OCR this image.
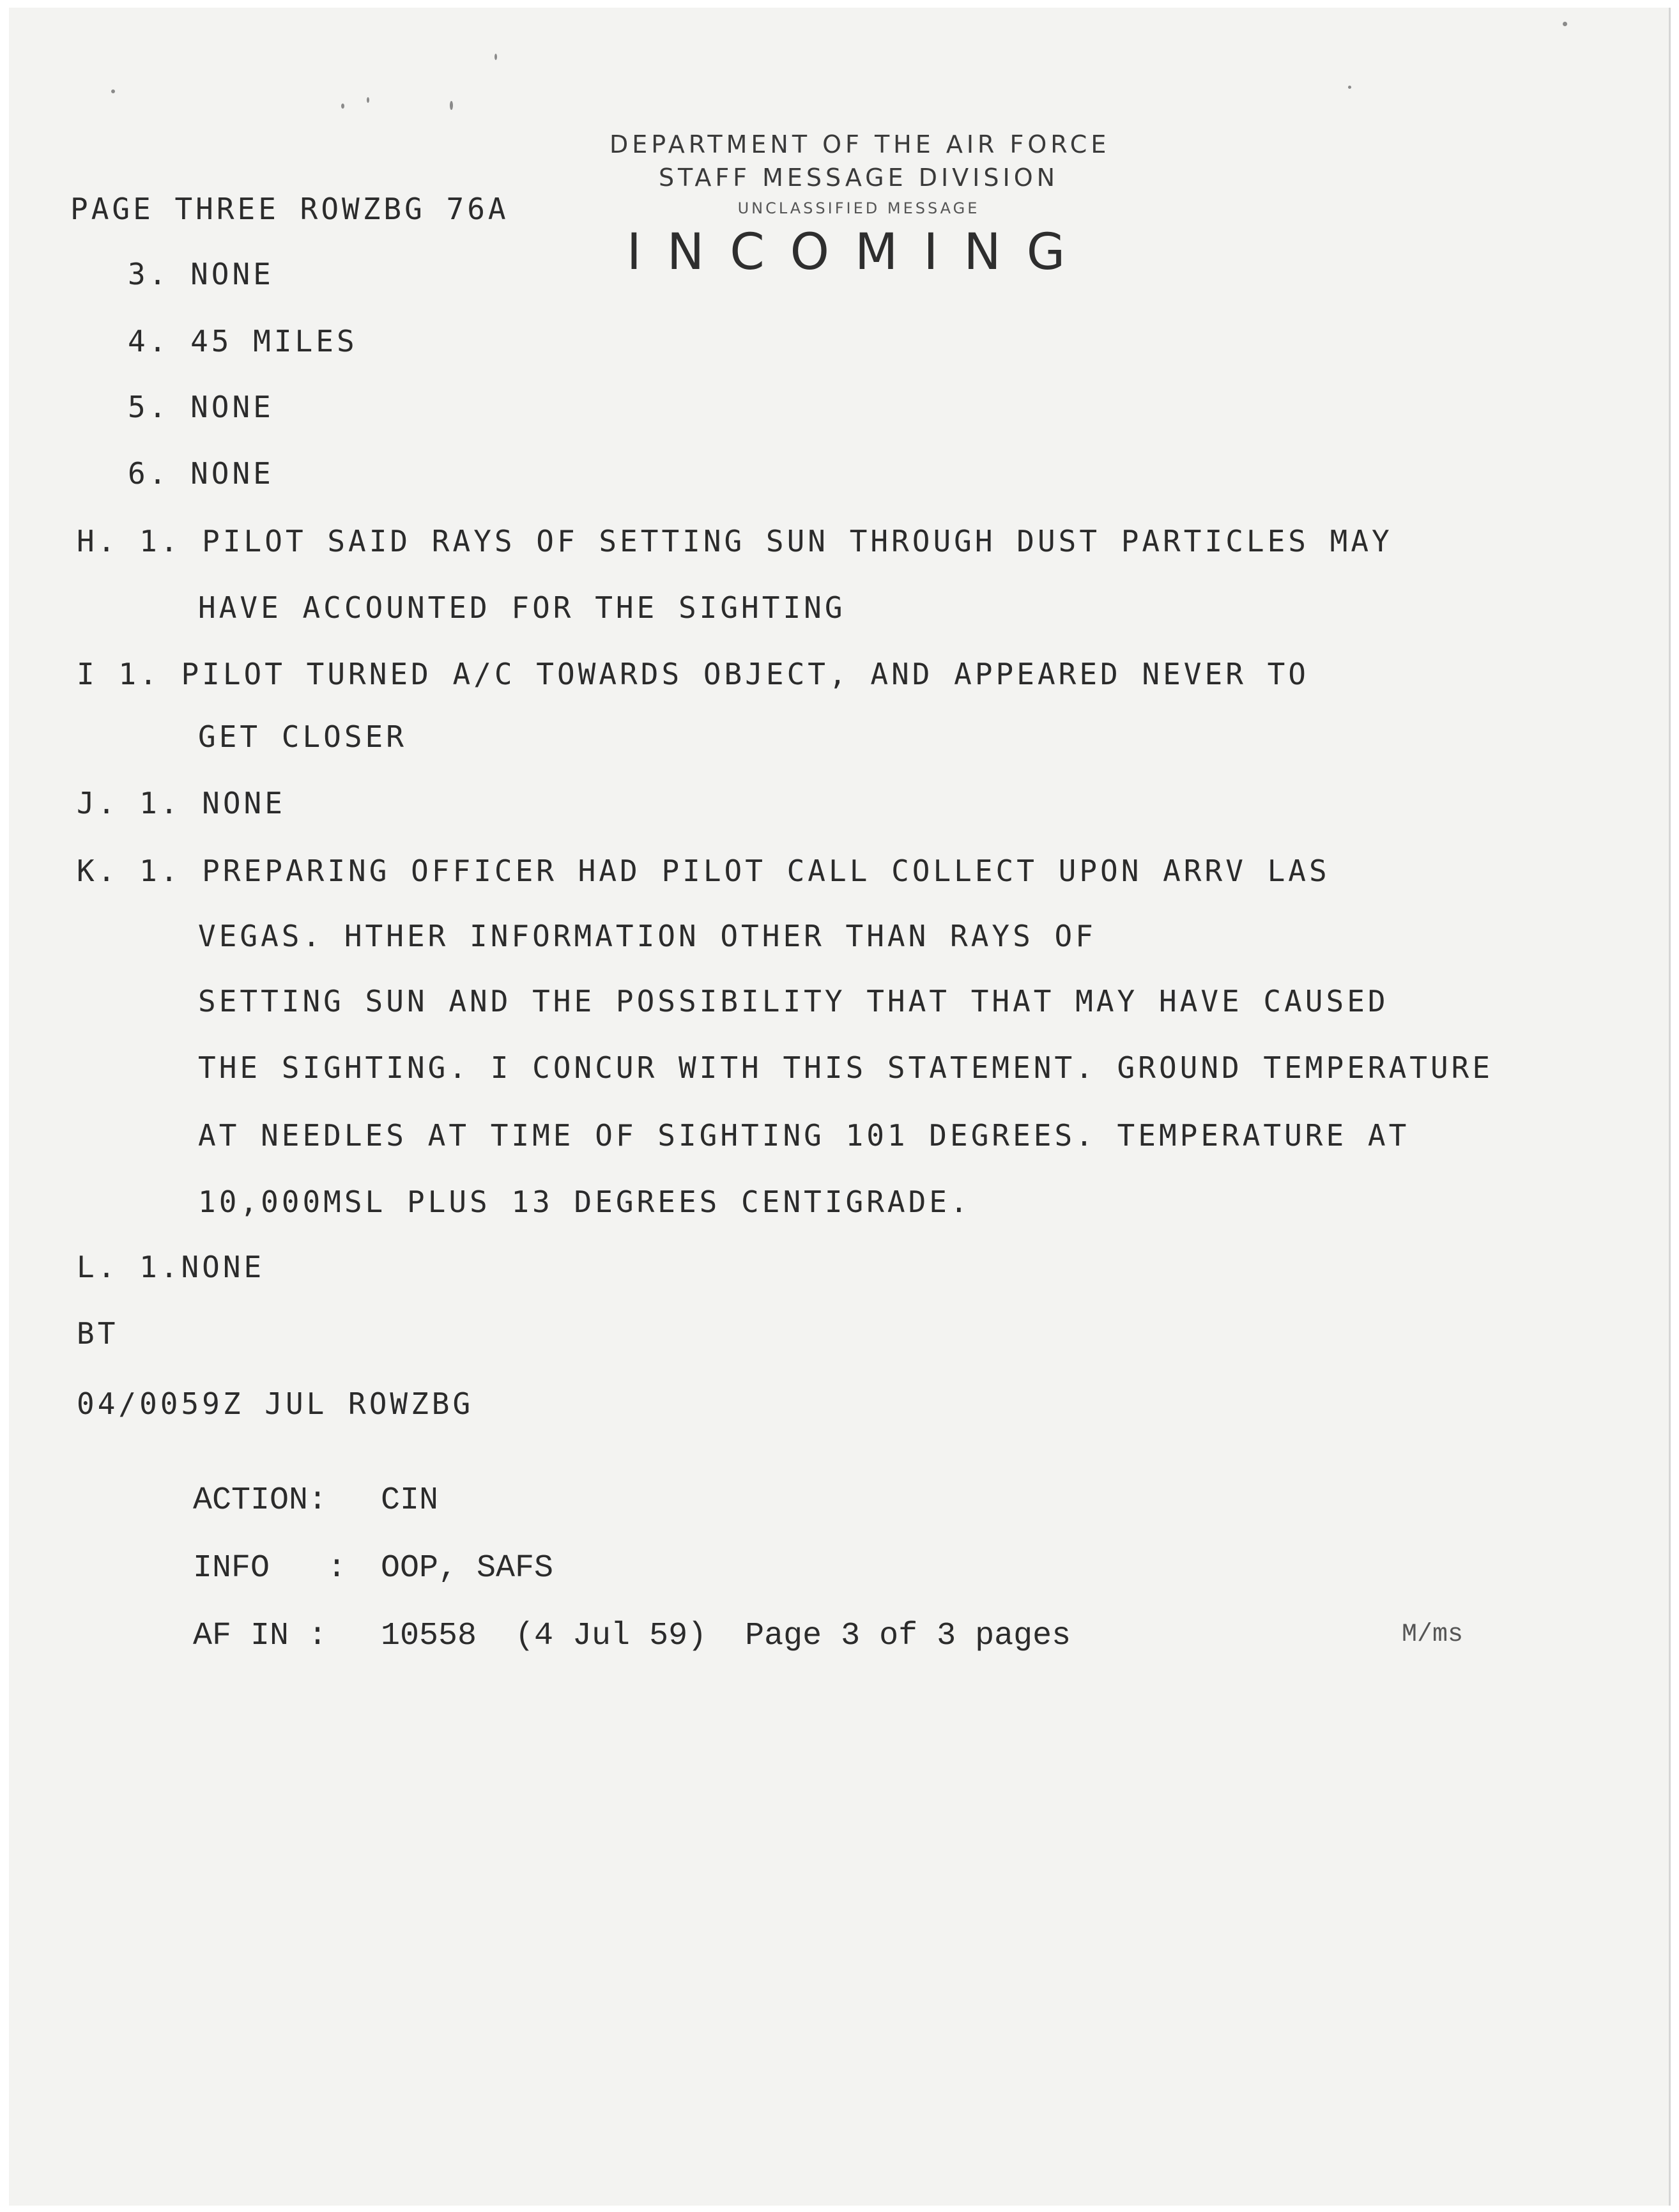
DEPARTMENT OF THE AIR FORCE
STAFF MESSAGE DIVISION
UNCLASSIFIED MESSAGE
INCOMING
PAGE THREE ROWZBG 76A
3. NONE
4. 45 MILES
5. NONE
6. NONE
H. 1. PILOT SAID RAYS OF SETTING SUN THROUGH DUST PARTICLES MAY
HAVE ACCOUNTED FOR THE SIGHTING
I 1. PILOT TURNED A/C TOWARDS OBJECT, AND APPEARED NEVER TO
GET CLOSER
J. 1. NONE
K. 1. PREPARING OFFICER HAD PILOT CALL COLLECT UPON ARRV LAS
VEGAS. HTHER INFORMATION OTHER THAN RAYS OF
SETTING SUN AND THE POSSIBILITY THAT THAT MAY HAVE CAUSED
THE SIGHTING. I CONCUR WITH THIS STATEMENT. GROUND TEMPERATURE
AT NEEDLES AT TIME OF SIGHTING 101 DEGREES. TEMPERATURE AT
10,000MSL PLUS 13 DEGREES CENTIGRADE.
L. 1.NONE
BT
04/0059Z JUL ROWZBG
ACTION: CIN
INFO   : OOP, SAFS
AF IN : 10558  (4 Jul 59)  Page 3 of 3 pages	M/ms
